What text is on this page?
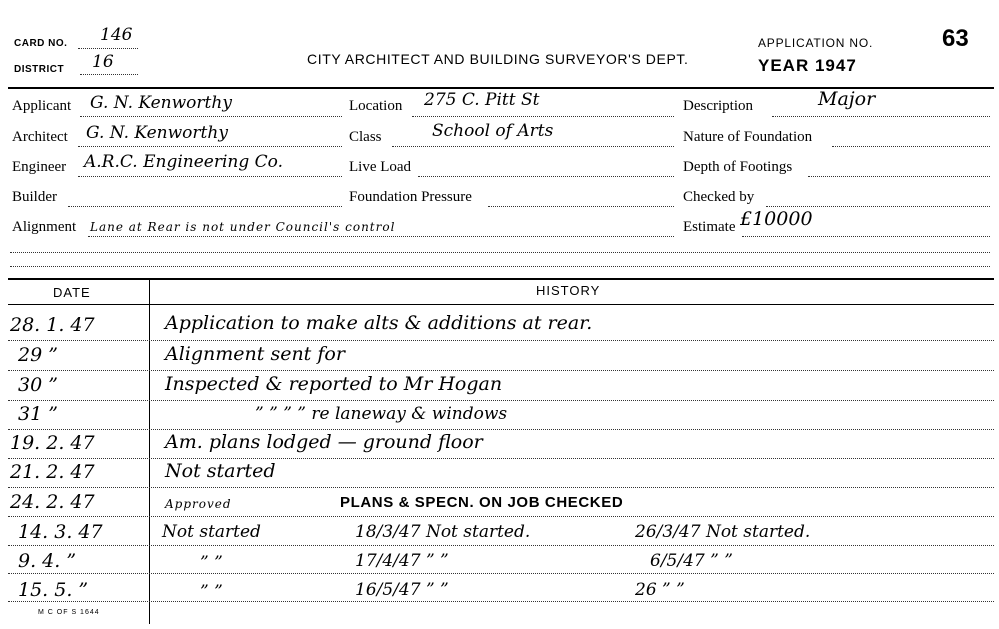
CARD NO. 146
DISTRICT 16	CITY ARCHITECT AND BUILDING SURVEYOR'S DEPT.
APPLICATION NO.	63
YEAR 1947
Applicant G. N. Kenworthy
Architect G. N. Kenworthy
Engineer A.R.C. Engineering Co.
Builder
Alignment Lane at Rear is not under Council's control
Location 275 C. Pitt St
Class	School of Arts
Live Load
Foundation Pressure
Description	Major
Nature of Foundation
Depth of Footings
Checked by
Estimate £10000
DATE	HISTORY
28. 1. 47	Application to make alts & additions at rear.
29 ”	Alignment sent for
30 ”	Inspected & reported to Mr Hogan
31 ”	” ” ” ” re laneway & windows
19. 2. 47	Am. plans lodged — ground floor
21. 2. 47	Not started
24. 2. 47	Approved	PLANS & SPECN. ON JOB CHECKED
14. 3. 47	Not started	18/3/47 Not started.	26/3/47 Not started.
9. 4. ”	” ”	17/4/47 ” ”	6/5/47 ” ”
15. 5. ”	” ”	16/5/47 ” ”	26 ” ”
M C OF S 1644
